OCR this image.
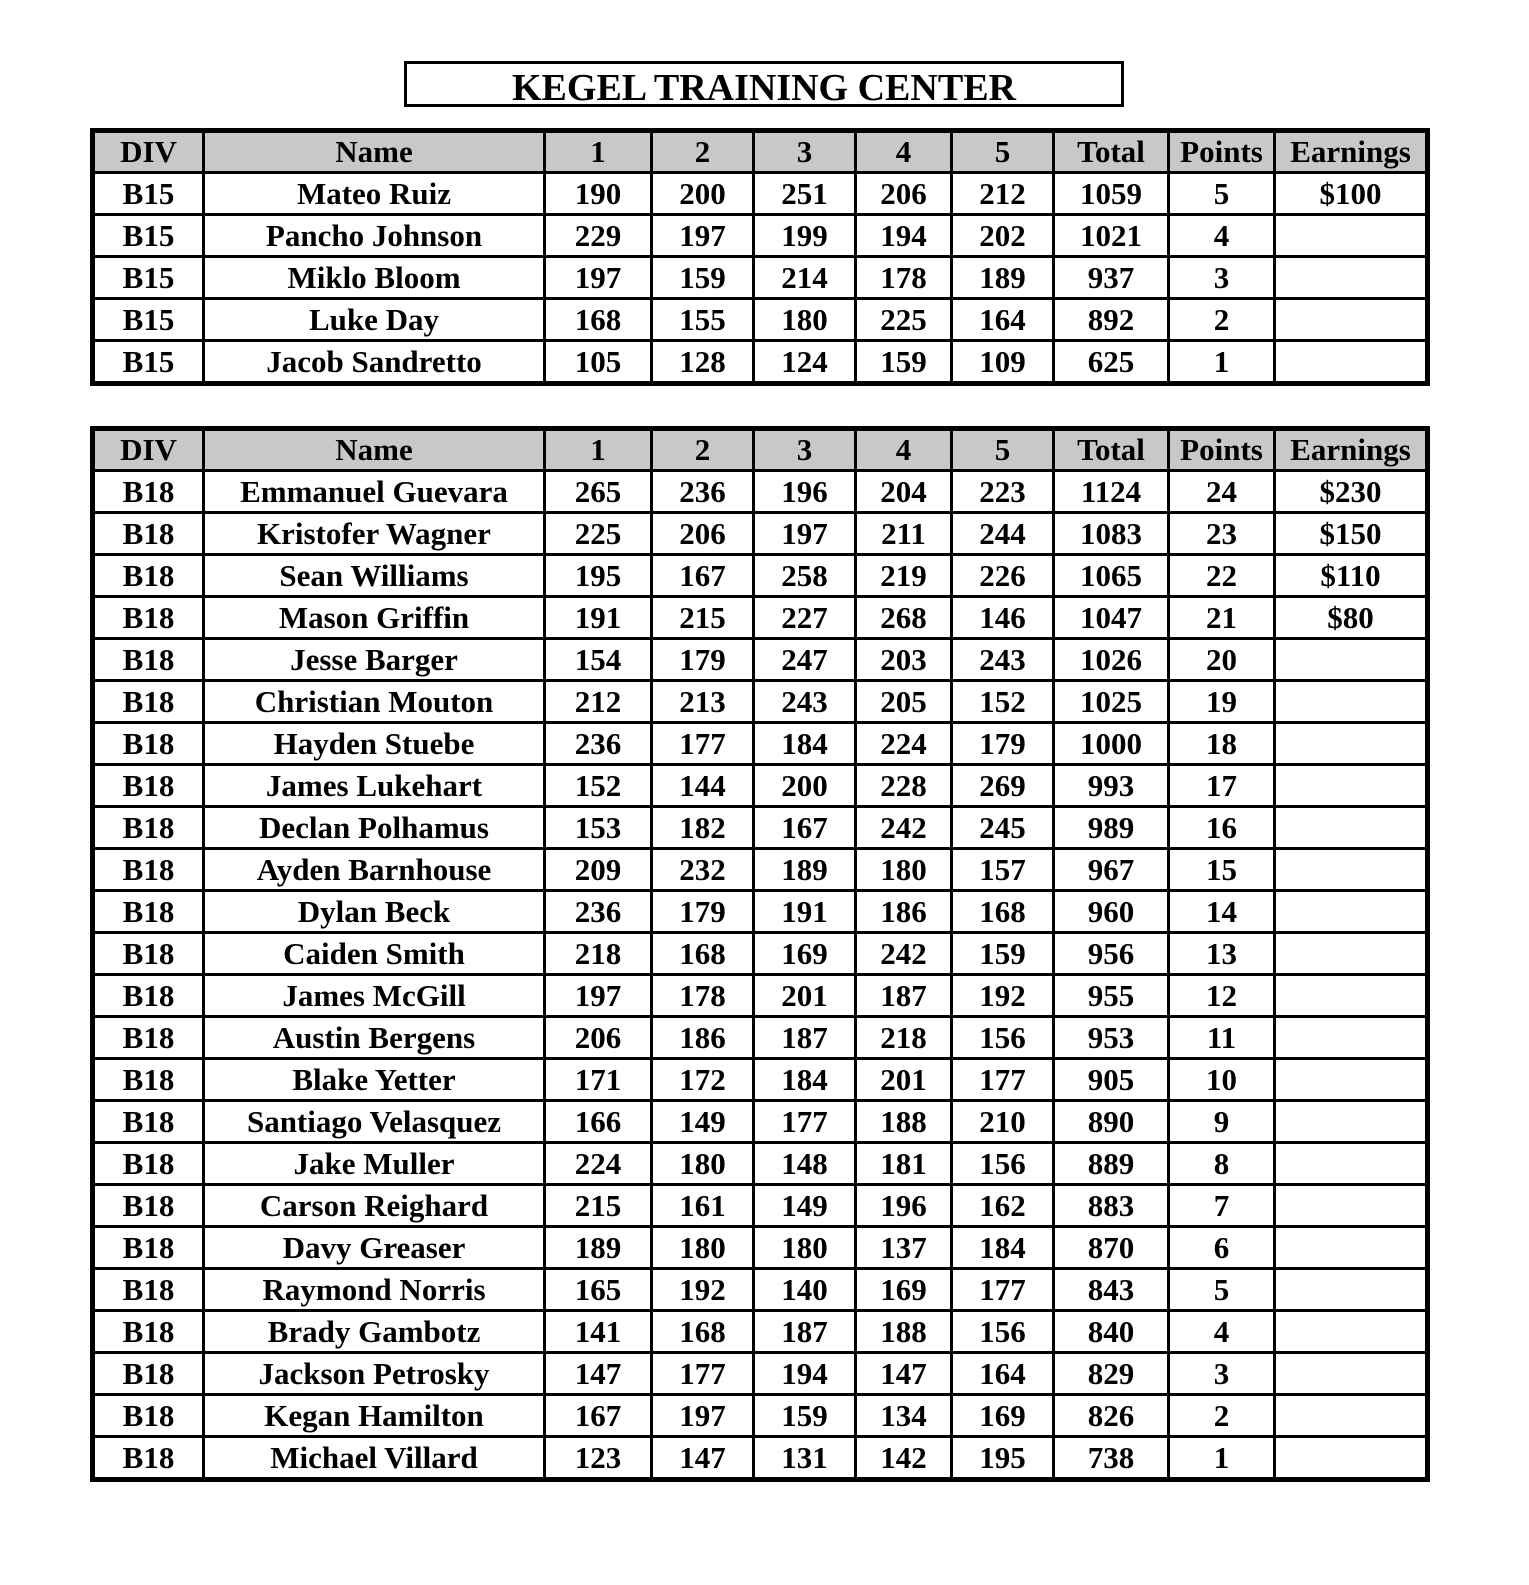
KEGEL TRAINING CENTER
DIV	Name	1	2	3	4	5	Total	Points	Earnings
B15	Mateo Ruiz	190	200	251	206	212	1059	5	$100
B15	Pancho Johnson	229	197	199	194	202	1021	4	
B15	Miklo Bloom	197	159	214	178	189	937	3	
B15	Luke Day	168	155	180	225	164	892	2	
B15	Jacob Sandretto	105	128	124	159	109	625	1	
DIV	Name	1	2	3	4	5	Total	Points	Earnings
B18	Emmanuel Guevara	265	236	196	204	223	1124	24	$230
B18	Kristofer Wagner	225	206	197	211	244	1083	23	$150
B18	Sean Williams	195	167	258	219	226	1065	22	$110
B18	Mason Griffin	191	215	227	268	146	1047	21	$80
B18	Jesse Barger	154	179	247	203	243	1026	20	
B18	Christian Mouton	212	213	243	205	152	1025	19	
B18	Hayden Stuebe	236	177	184	224	179	1000	18	
B18	James Lukehart	152	144	200	228	269	993	17	
B18	Declan Polhamus	153	182	167	242	245	989	16	
B18	Ayden Barnhouse	209	232	189	180	157	967	15	
B18	Dylan Beck	236	179	191	186	168	960	14	
B18	Caiden Smith	218	168	169	242	159	956	13	
B18	James McGill	197	178	201	187	192	955	12	
B18	Austin Bergens	206	186	187	218	156	953	11	
B18	Blake Yetter	171	172	184	201	177	905	10	
B18	Santiago Velasquez	166	149	177	188	210	890	9	
B18	Jake Muller	224	180	148	181	156	889	8	
B18	Carson Reighard	215	161	149	196	162	883	7	
B18	Davy Greaser	189	180	180	137	184	870	6	
B18	Raymond Norris	165	192	140	169	177	843	5	
B18	Brady Gambotz	141	168	187	188	156	840	4	
B18	Jackson Petrosky	147	177	194	147	164	829	3	
B18	Kegan Hamilton	167	197	159	134	169	826	2	
B18	Michael Villard	123	147	131	142	195	738	1	
